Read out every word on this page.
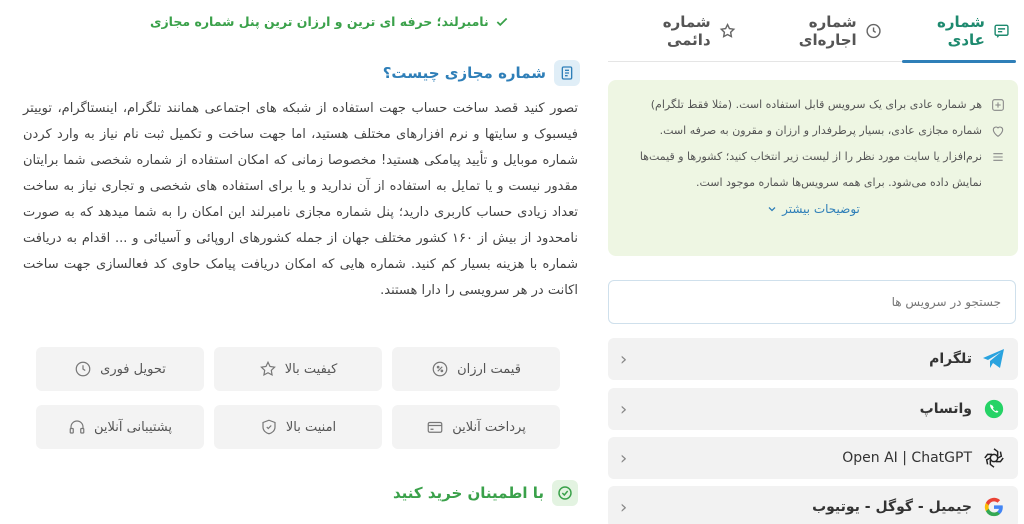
شماره عادی
شماره اجاره‌ای
شماره دائمی
هر شماره عادی برای یک سرویس قابل استفاده است. (مثلا فقط تلگرام)
شماره مجازی عادی، بسیار پرطرفدار و ارزان و مقرون به صرفه است.
نرم‌افزار یا سایت مورد نظر را از لیست زیر انتخاب کنید؛ کشورها و قیمت‌ها
نمایش داده می‌شود. برای همه سرویس‌ها شماره موجود است.
توضیحات بیشتر
جستجو در سرویس ها
تلگرام
‹
واتساپ
‹
Open AI | ChatGPT
‹
جیمیل - گوگل - یوتیوب
‹
نامبرلند؛ حرفه ای ترین و ارزان ترین پنل شماره مجازی
شماره مجازی چیست؟

تصور کنید قصد ساخت حساب جهت استفاده از شبکه های اجتماعی همانند تلگرام، اینستاگرام، توییتر فیسبوک و سایتها و نرم افزارهای مختلف هستید، اما جهت ساخت و تکمیل ثبت نام نیاز به وارد کردن شماره موبایل و تأیید پیامکی هستید! مخصوصا زمانی که امکان استفاده از شماره شخصی شما برایتان مقدور نیست و یا تمایل به استفاده از آن ندارید و یا برای استفاده های شخصی و تجاری نیاز به ساخت تعداد زیادی حساب کاربری دارید؛ پنل شماره مجازی نامبرلند این امکان را به شما میدهد که به صورت نامحدود از بیش از ۱۶۰ کشور مختلف جهان از جمله کشورهای اروپائی و آسیائی و ... اقدام به دریافت شماره با هزینه بسیار کم کنید. شماره هایی که امکان دریافت پیامک حاوی کد فعالسازی جهت ساخت اکانت در هر سرویسی را دارا هستند.

قیمت ارزان
کیفیت بالا
تحویل فوری
پرداخت آنلاین
امنیت بالا
پشتیبانی آنلاین
با اطمینان خرید کنید
